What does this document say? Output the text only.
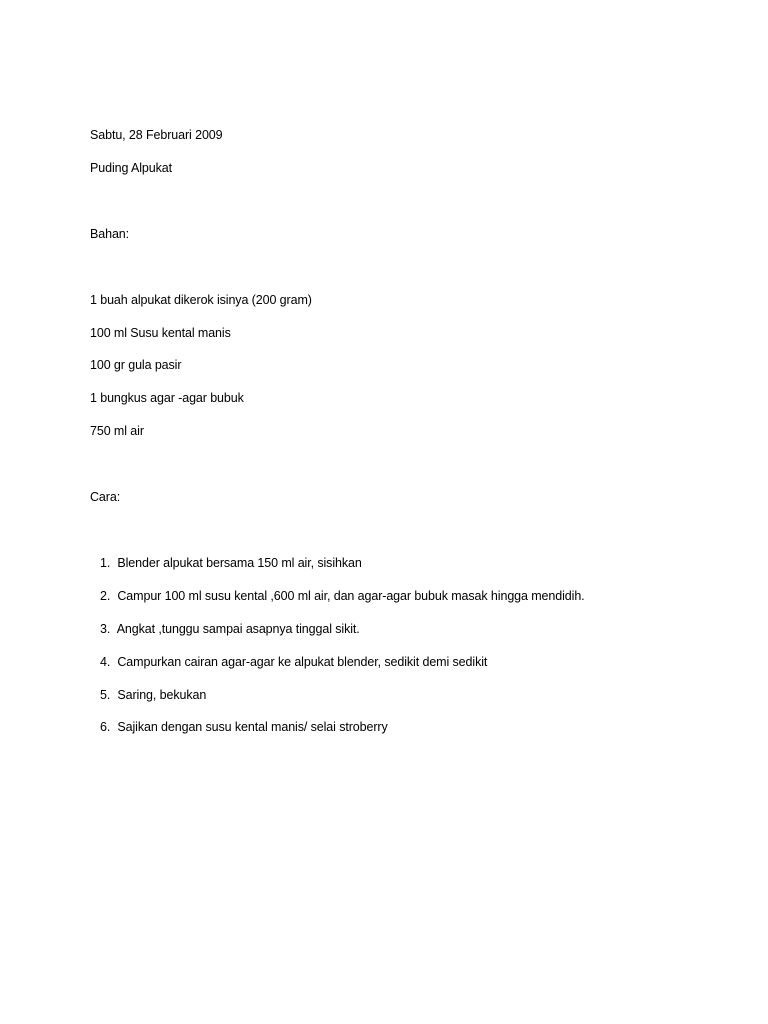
Sabtu, 28 Februari 2009
Puding Alpukat
Bahan:
1 buah alpukat dikerok isinya (200 gram)
100 ml Susu kental manis
100 gr gula pasir
1 bungkus agar -agar bubuk
750 ml air
Cara:
1. Blender alpukat bersama 150 ml air, sisihkan
2. Campur 100 ml susu kental ,600 ml air, dan agar-agar bubuk masak hingga mendidih.
3. Angkat ,tunggu sampai asapnya tinggal sikit.
4. Campurkan cairan agar-agar ke alpukat blender, sedikit demi sedikit
5. Saring, bekukan
6. Sajikan dengan susu kental manis/ selai stroberry
